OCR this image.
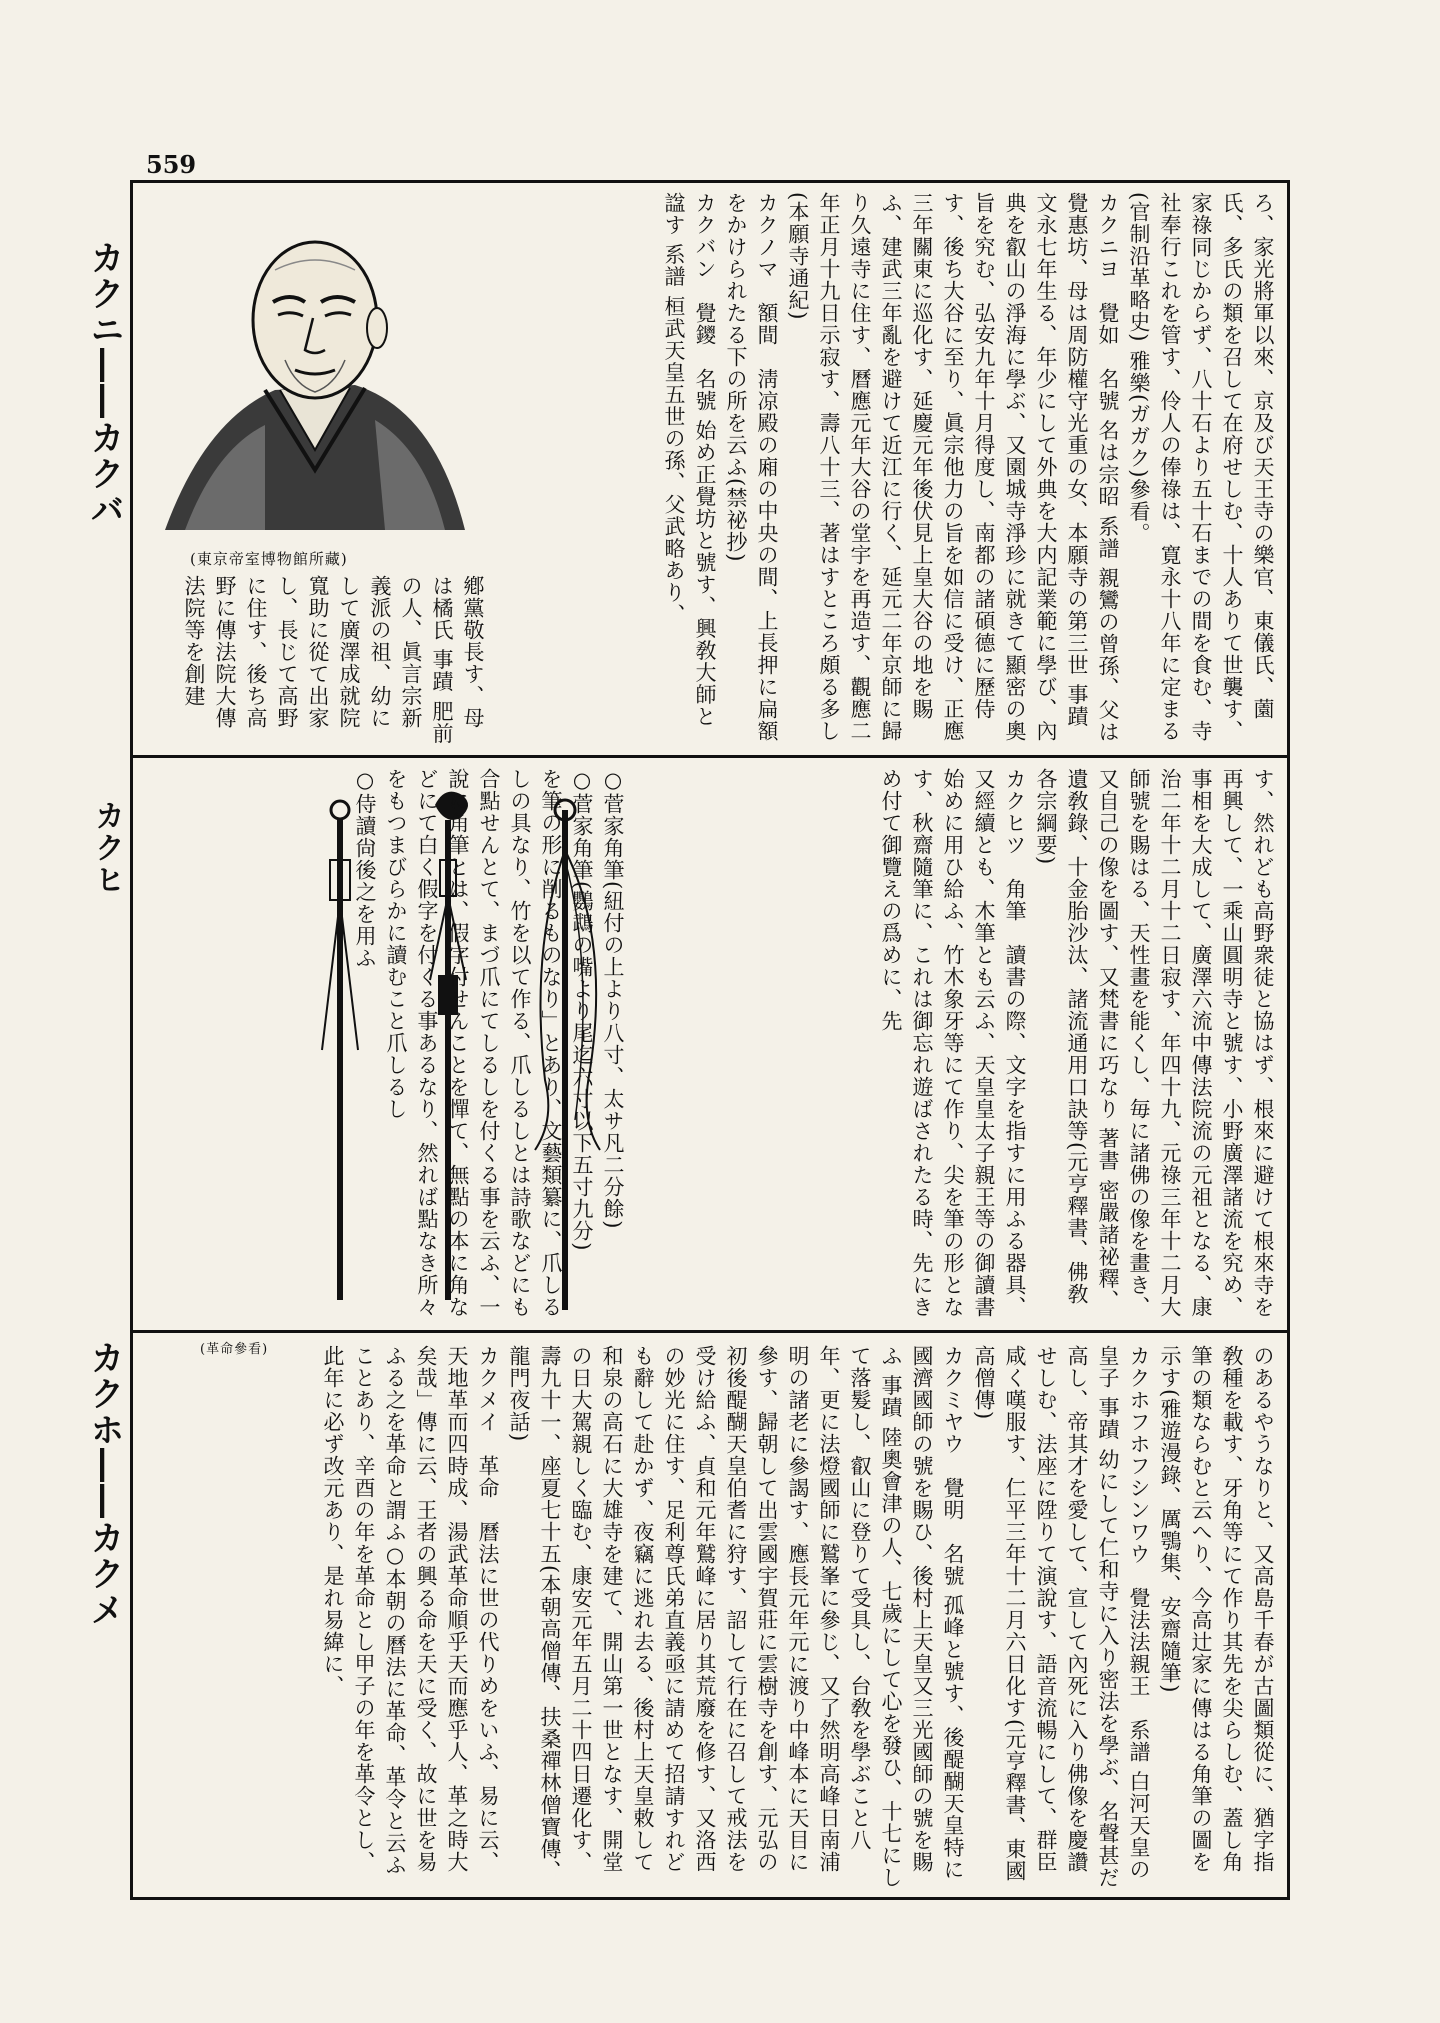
559
カクニ――カクバ
カクヒ
カクホ――カクメ
ろ、家光將軍以來、京及び天王寺の樂官、東儀氏、薗氏、多氏の類を召して在府せしむ、十人ありて世襲す、家祿同じからず、八十石より五十石までの間を食む、寺社奉行これを管す、伶人の俸祿は、寛永十八年に定まる(官制沿革略史) 雅樂(ガガク)參看。
カクニヨ　覺如　名號 名は宗昭 系譜 親鸞の曾孫、父は覺惠坊、母は周防權守光重の女、本願寺の第三世 事蹟 文永七年生る、年少にして外典を大内記業範に學び、內典を叡山の淨海に學ぶ、又園城寺淨珍に就きて顯密の奧旨を究む、弘安九年十月得度し、南都の諸碩德に歷侍す、後ち大谷に至り、眞宗他力の旨を如信に受け、正應三年關東に巡化す、延慶元年後伏見上皇大谷の地を賜ふ、建武三年亂を避けて近江に行く、延元二年京師に歸り久遠寺に住す、曆應元年大谷の堂宇を再造す、觀應二年正月十九日示寂す、壽八十三、著はすところ頗る多し(本願寺通紀)
カクノマ　額間　淸凉殿の廂の中央の間、上長押に扁額をかけられたる下の所を云ふ(禁祕抄)
カクバン　覺鑁　名號 始め正覺坊と號す、興敎大師と諡す 系譜 桓武天皇五世の孫、父武略あり、
(東京帝室博物館所藏)
鄕黨敬長す、母は橘氏 事蹟 肥前の人、眞言宗新義派の祖、幼にして廣澤成就院寬助に從て出家し、長じて高野に住す、後ち高野に傳法院大傳法院等を創建
す、然れども高野衆徒と協はず、根來に避けて根來寺を再興して、一乘山圓明寺と號す、小野廣澤諸流を究め、事相を大成して、廣澤六流中傳法院流の元祖となる、康治二年十二月十二日寂す、年四十九、元祿三年十二月大師號を賜はる、天性畫を能くし、毎に諸佛の像を畫き、又自己の像を圖す、又梵書に巧なり 著書 密嚴諸祕釋、遺敎錄、十金胎沙汰、諸流通用口訣等(元亨釋書、佛敎各宗綱要)
カクヒツ　角筆　讀書の際、文字を指すに用ふる器具、又經續とも、木筆とも云ふ、天皇皇太子親王等の御讀書始めに用ひ給ふ、竹木象牙等にて作り、尖を筆の形となす、秋齋隨筆に、これは御忘れ遊ばされたる時、先にきめ付て御覽えの爲めに、先
○菅家角筆(紐付の上より八寸、太サ凡二分餘)
○菅家角筆(鸚鵡の嘴より尾迄六寸以下五寸九分)
を筆の形に削るものなり」とあり、文藝類纂に、爪しるしの具なり、竹を以て作る、爪しるしとは詩歌などにも合點せんとて、まづ爪にてしるしを付くる事を云ふ、一說に角筆とは、假字付せんことを憚て、無點の本に角などにて白く假字を付くる事あるなり、然れば點なき所々をもつまびらかに讀むこと爪しるし
○侍讀尙後之を用ふ
のあるやうなりと、又高島千春が古圖類從に、猶字指敎種を載す、牙角等にて作り其先を尖らしむ、蓋し角筆の類ならむと云へり、今高辻家に傳はる角筆の圖を示す(雅遊漫錄、厲鶚集、安齋隨筆)
カクホフホフシンワウ　覺法法親王　系譜 白河天皇の皇子 事蹟 幼にして仁和寺に入り密法を學ぶ、名聲甚だ高し、帝其才を愛して、宣して內死に入り佛像を慶讚せしむ、法座に陞りて演說す、語音流暢にして、群臣咸く嘆服す、仁平三年十二月六日化す(元亨釋書、東國高僧傳)
カクミヤウ　覺明　名號 孤峰と號す、後醍醐天皇特に國濟國師の號を賜ひ、後村上天皇又三光國師の號を賜ふ 事蹟 陸奧會津の人、七歲にして心を發ひ、十七にして落髮し、叡山に登りて受具し、台敎を學ぶこと八年、更に法燈國師に鷲峯に參じ、又了然明高峰日南浦明の諸老に參謁す、應長元年元に渡り中峰本に天目に參す、歸朝して出雲國宇賀莊に雲樹寺を創す、元弘の初後醍醐天皇伯耆に狩す、詔して行在に召して戒法を受け給ふ、貞和元年鷲峰に居り其荒廢を修す、又洛西の妙光に住す、足利尊氏弟直義亟に請めて招請すれども辭して赴かず、夜竊に逃れ去る、後村上天皇敕して和泉の高石に大雄寺を建て、開山第一世となす、開堂の日大駕親しく臨む、康安元年五月二十四日遷化す、壽九十一、座夏七十五(本朝高僧傳、扶桑禪林僧寶傳、龍門夜話)
カクメイ　革命　曆法に世の代りめをいふ、易に云、天地革而四時成、湯武革命順乎天而應乎人、革之時大矣哉」傳に云、王者の興る命を天に受く、故に世を易ふる之を革命と謂ふ○本朝の曆法に革命、革令と云ふことあり、辛酉の年を革命とし甲子の年を革令とし、此年に必ず改元あり、是れ易緯に、
(革命參看)
